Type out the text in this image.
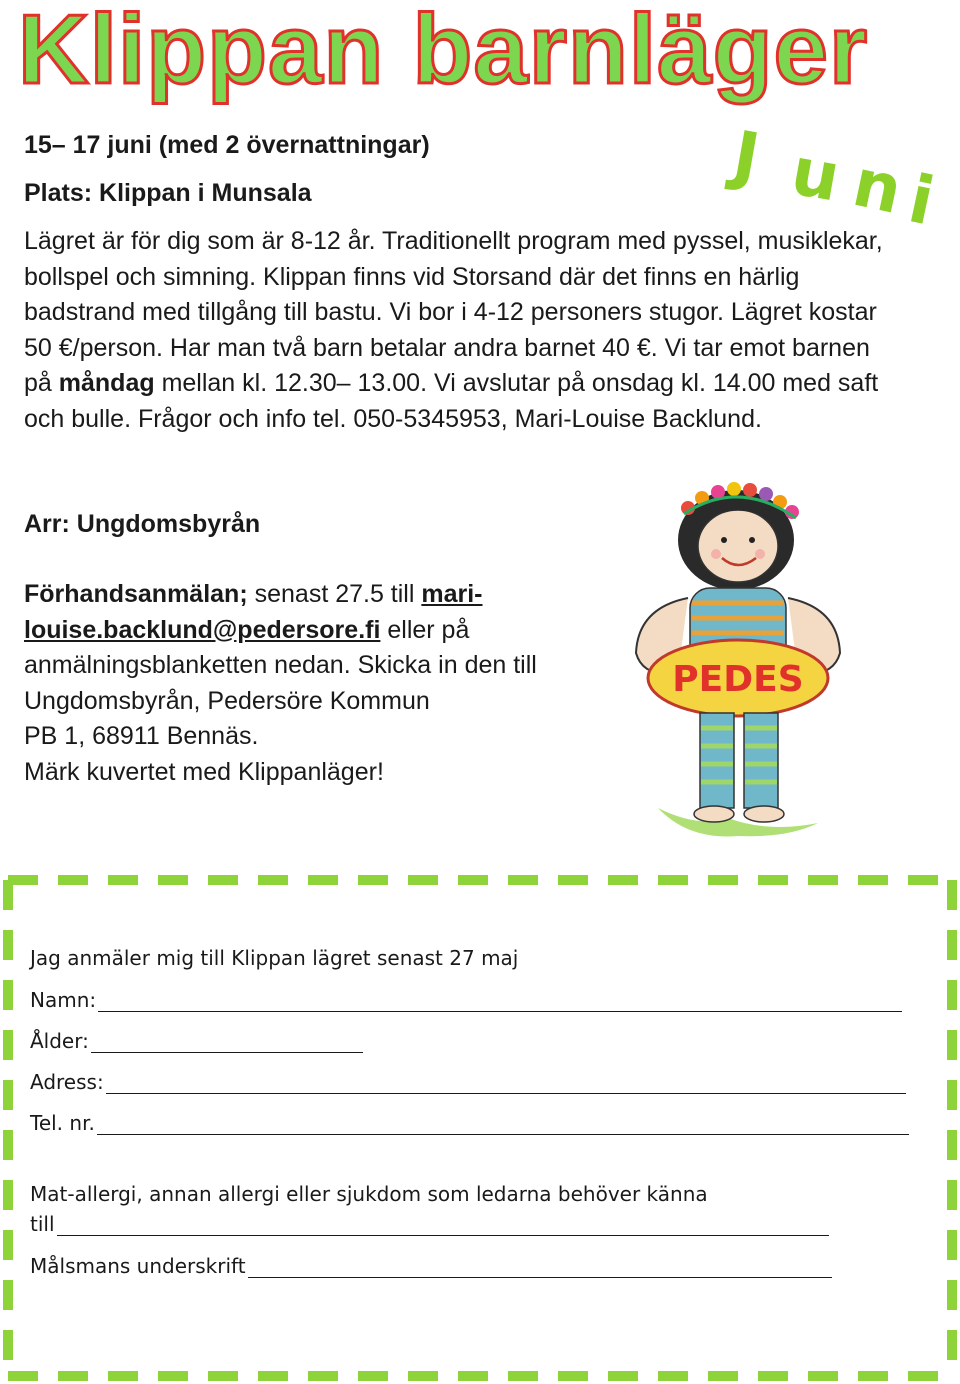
Klippan barnläger
J u n
i

15– 17 juni (med 2 övernattningar)

Plats: Klippan i Munsala

Lägret är för dig som är 8-12 år. Traditionellt program med pyssel, musiklekar, bollspel och simning. Klippan finns vid Storsand där det finns en härlig badstrand med tillgång till bastu. Vi bor i 4-12 personers stugor. Lägret kostar 50 €/person. Har man två barn betalar andra barnet 40 €. Vi tar emot barnen på måndag mellan kl. 12.30– 13.00. Vi avslutar på onsdag kl. 14.00 med saft och bulle. Frågor och info tel. 050-5345953, Mari-Louise Backlund.
Arr: Ungdomsbyrån
Förhandsanmälan; senast 27.5 till mari-louise.backlund@pedersore.fi eller på anmälningsblanketten nedan. Skicka in den till Ungdomsbyrån, Pedersöre Kommun
PB 1, 68911 Bennäs.
Märk kuvertet med Klippanläger!
PEDES
Jag anmäler mig till Klippan lägret senast 27 maj
Namn:
Ålder:
Adress:
Tel. nr.
Mat-allergi, annan allergi eller sjukdom som ledarna behöver känna
till
Målsmans underskrift
